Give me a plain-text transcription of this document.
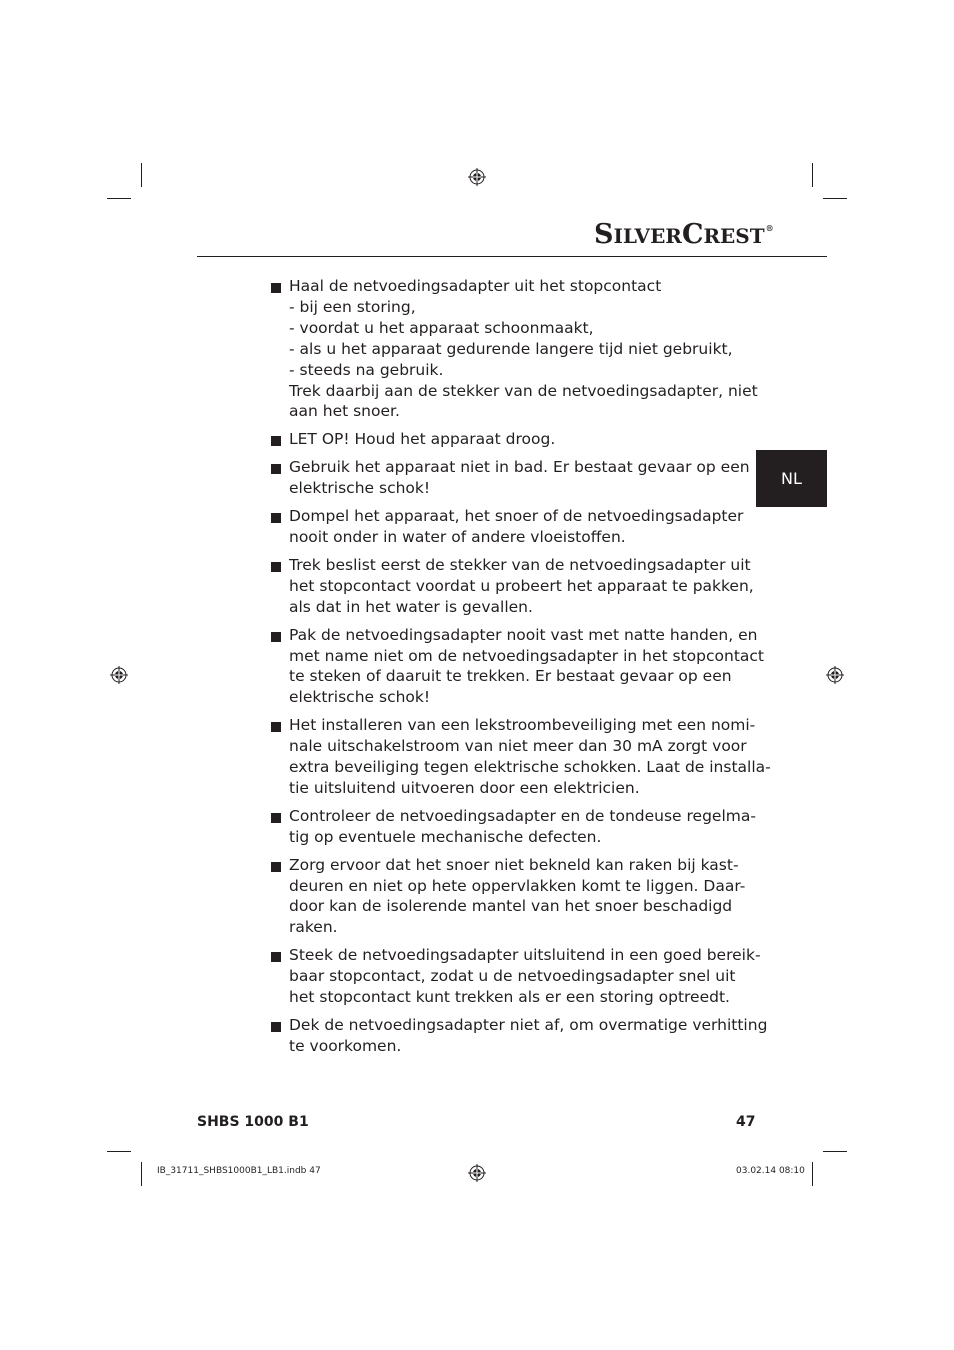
SILVERCREST®
NL
Haal de netvoedingsadapter uit het stopcontact
- bij een storing,
- voordat u het apparaat schoonmaakt,
- als u het apparaat gedurende langere tijd niet gebruikt,
- steeds na gebruik.
Trek daarbij aan de stekker van de netvoedingsadapter, niet
aan het snoer.
LET OP! Houd het apparaat droog.
Gebruik het apparaat niet in bad. Er bestaat gevaar op een
elektrische schok!
Dompel het apparaat, het snoer of de netvoedingsadapter
nooit onder in water of andere vloeistoffen.
Trek beslist eerst de stekker van de netvoedingsadapter uit
het stopcontact voordat u probeert het apparaat te pakken,
als dat in het water is gevallen.
Pak de netvoedingsadapter nooit vast met natte handen, en
met name niet om de netvoedingsadapter in het stopcontact
te steken of daaruit te trekken. Er bestaat gevaar op een
elektrische schok!
Het installeren van een lekstroombeveiliging met een nomi-
nale uitschakelstroom van niet meer dan 30 mA zorgt voor
extra beveiliging tegen elektrische schokken. Laat de installa-
tie uitsluitend uitvoeren door een elektricien.
Controleer de netvoedingsadapter en de tondeuse regelma-
tig op eventuele mechanische defecten.
Zorg ervoor dat het snoer niet bekneld kan raken bij kast-
deuren en niet op hete oppervlakken komt te liggen. Daar-
door kan de isolerende mantel van het snoer beschadigd
raken.
Steek de netvoedingsadapter uitsluitend in een goed bereik-
baar stopcontact, zodat u de netvoedingsadapter snel uit
het stopcontact kunt trekken als er een storing optreedt.
Dek de netvoedingsadapter niet af, om overmatige verhitting
te voorkomen.
SHBS 1000 B1	47
IB_31711_SHBS1000B1_LB1.indb 47	03.02.14 08:10
